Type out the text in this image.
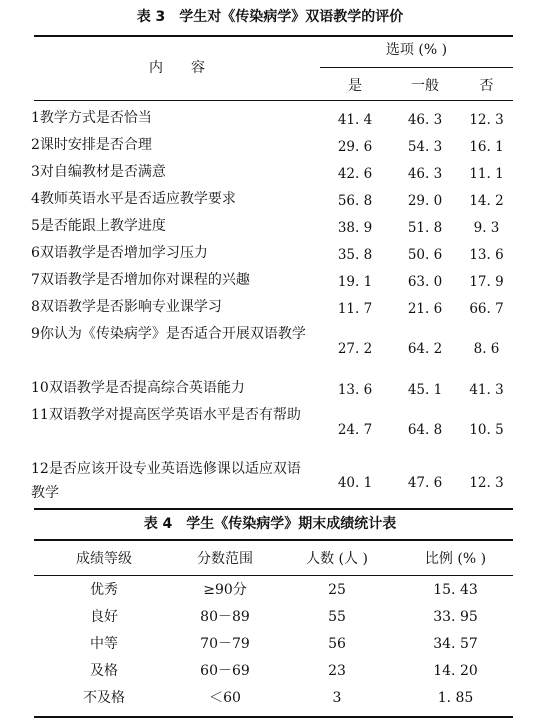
表 3　学生对《传染病学》双语教学的评价
内　　容
选项 (% )
是	一般	否
1教学方式是否恰当	41. 4	46. 3	12. 3
2课时安排是否合理	29. 6	54. 3	16. 1
3对自编教材是否满意	42. 6	46. 3	11. 1
4教师英语水平是否适应教学要求	56. 8	29. 0	14. 2
5是否能跟上教学进度	38. 9	51. 8	9. 3
6双语教学是否增加学习压力	35. 8	50. 6	13. 6
7双语教学是否增加你对课程的兴趣	19. 1	63. 0	17. 9
8双语教学是否影响专业课学习	11. 7	21. 6	66. 7
9你认为《传染病学》是否适合开展双语教学
27. 2	64. 2	8. 6
10双语教学是否提高综合英语能力	13. 6	45. 1	41. 3
11双语教学对提高医学英语水平是否有帮助
24. 7	64. 8	10. 5
12是否应该开设专业英语选修课以适应双语教学
40. 1	47. 6	12. 3
表 4　学生《传染病学》期末成绩统计表
成绩等级	分数范围	人数 (人 )	比例 (% )
优秀	≥90分	25	15. 43
良好	80－89	55	33. 95
中等	70－79	56	34. 57
及格	60－69	23	14. 20
不及格	＜60	3	1. 85
